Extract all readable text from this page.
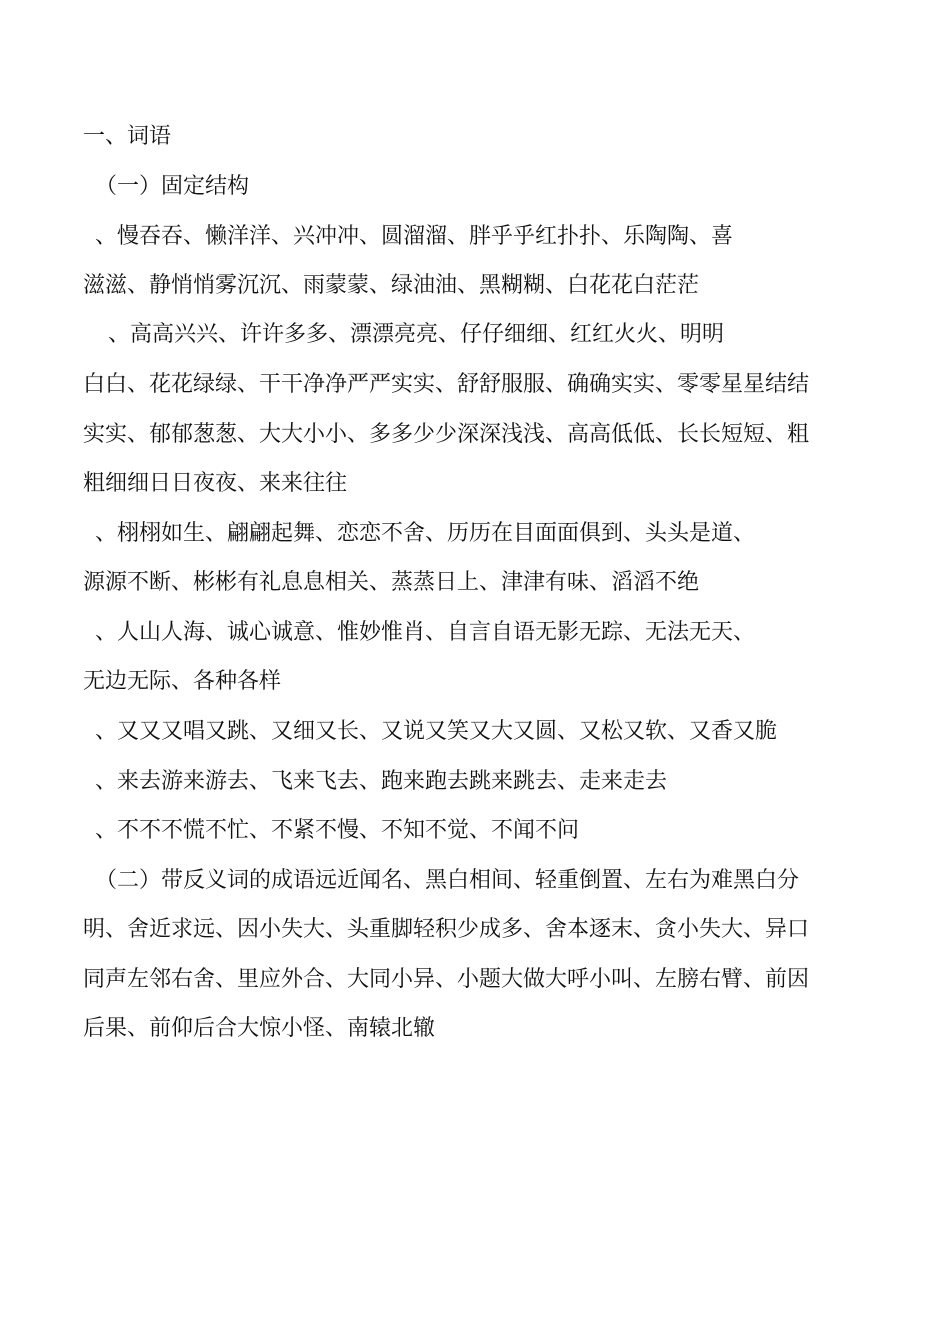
一、词语
（一）固定结构
、慢吞吞、懒洋洋、兴冲冲、圆溜溜、胖乎乎红扑扑、乐陶陶、喜
滋滋、静悄悄雾沉沉、雨蒙蒙、绿油油、黑糊糊、白花花白茫茫
、高高兴兴、许许多多、漂漂亮亮、仔仔细细、红红火火、明明
白白、花花绿绿、干干净净严严实实、舒舒服服、确确实实、零零星星结结
实实、郁郁葱葱、大大小小、多多少少深深浅浅、高高低低、长长短短、粗
粗细细日日夜夜、来来往往
、栩栩如生、翩翩起舞、恋恋不舍、历历在目面面俱到、头头是道、
源源不断、彬彬有礼息息相关、蒸蒸日上、津津有味、滔滔不绝
、人山人海、诚心诚意、惟妙惟肖、自言自语无影无踪、无法无天、
无边无际、各种各样
、又又又唱又跳、又细又长、又说又笑又大又圆、又松又软、又香又脆
、来去游来游去、飞来飞去、跑来跑去跳来跳去、走来走去
、不不不慌不忙、不紧不慢、不知不觉、不闻不问
（二）带反义词的成语远近闻名、黑白相间、轻重倒置、左右为难黑白分
明、舍近求远、因小失大、头重脚轻积少成多、舍本逐末、贪小失大、异口
同声左邻右舍、里应外合、大同小异、小题大做大呼小叫、左膀右臂、前因
后果、前仰后合大惊小怪、南辕北辙
